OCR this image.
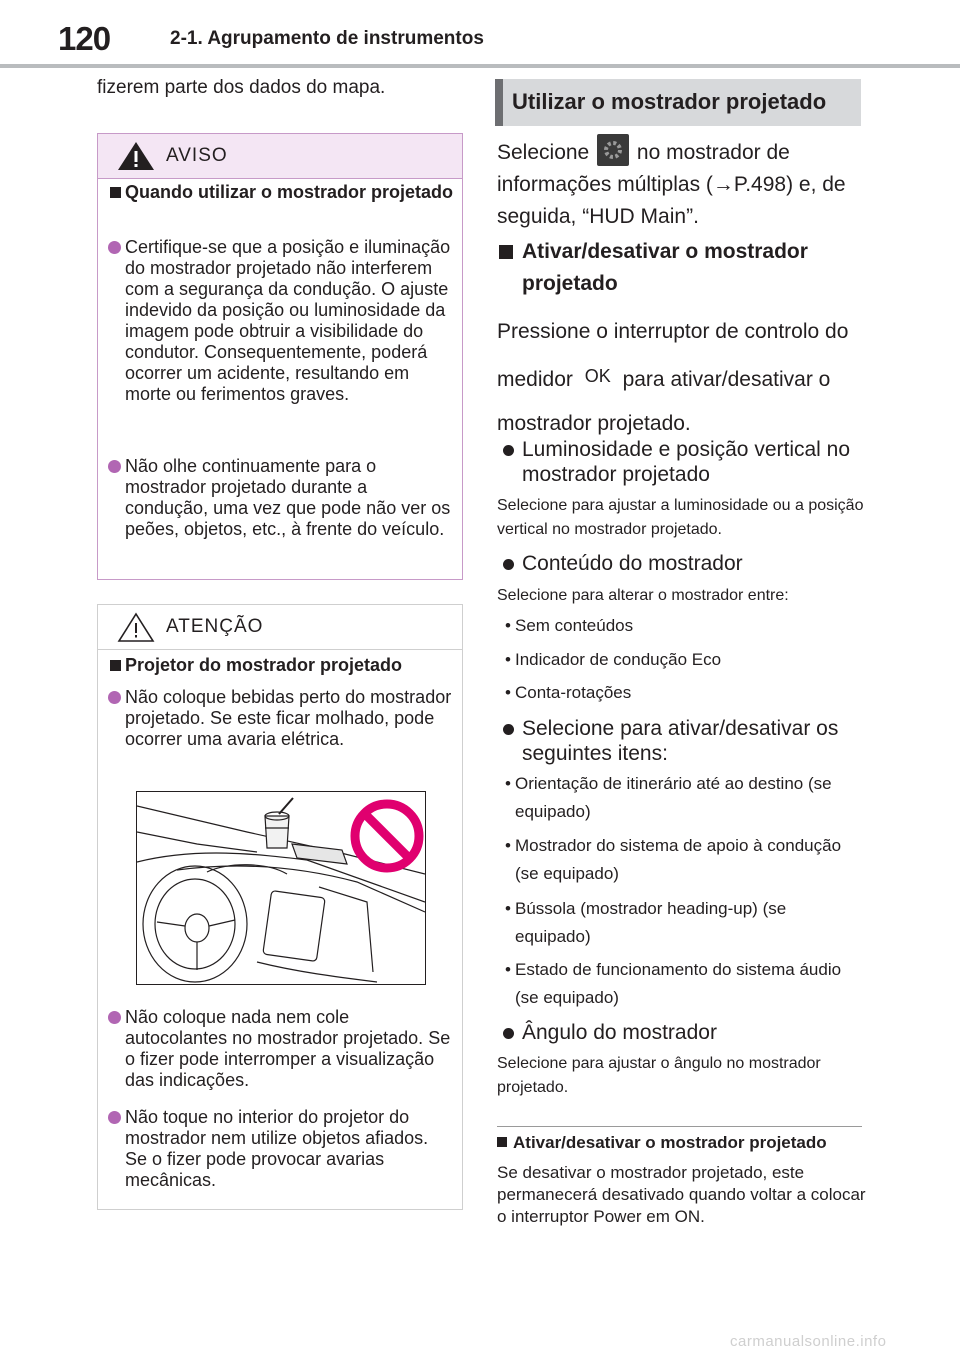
120	2-1. Agrupamento de instrumentos
fizerem parte dos dados do mapa.
AVISO
Quando utilizar o mostrador projetado
Certifique-se que a posição e iluminação do mostrador projetado não interferem com a segurança da condução. O ajuste indevido da posição ou luminosidade da imagem pode obtruir a visibilidade do condutor. Consequentemente, poderá ocorrer um acidente, resultando em morte ou ferimentos graves.
Não olhe continuamente para o mostrador projetado durante a condução, uma vez que pode não ver os peões, objetos, etc., à frente do veículo.
ATENÇÃO
Projetor do mostrador projetado
Não coloque bebidas perto do mostrador projetado. Se este ficar molhado, pode ocorrer uma avaria elétrica.
Não coloque nada nem cole autocolantes no mostrador projetado. Se o fizer pode interromper a visualização das indicações.
Não toque no interior do projetor do mostrador nem utilize objetos afiados. Se o fizer pode provocar avarias mecânicas.
Utilizar o mostrador projetado
Selecione no mostrador de informações múltiplas (→P.498) e, de seguida, “HUD Main”.
Ativar/desativar o mostrador projetado
Pressione o interruptor de controlo do medidor OK para ativar/desativar o mostrador projetado.
Luminosidade e posição vertical no mostrador projetado
Selecione para ajustar a luminosidade ou a posição vertical no mostrador projetado.
Conteúdo do mostrador
Selecione para alterar o mostrador entre:
• Sem conteúdos
• Indicador de condução Eco
• Conta-rotações
Selecione para ativar/desativar os seguintes itens:
• Orientação de itinerário até ao destino (se equipado)
• Mostrador do sistema de apoio à condução (se equipado)
• Bússola (mostrador heading-up) (se equipado)
• Estado de funcionamento do sistema áudio (se equipado)
Ângulo do mostrador
Selecione para ajustar o ângulo no mostrador projetado.
Ativar/desativar o mostrador projetado
Se desativar o mostrador projetado, este permanecerá desativado quando voltar a colocar o interruptor Power em ON.
carmanualsonline.info
